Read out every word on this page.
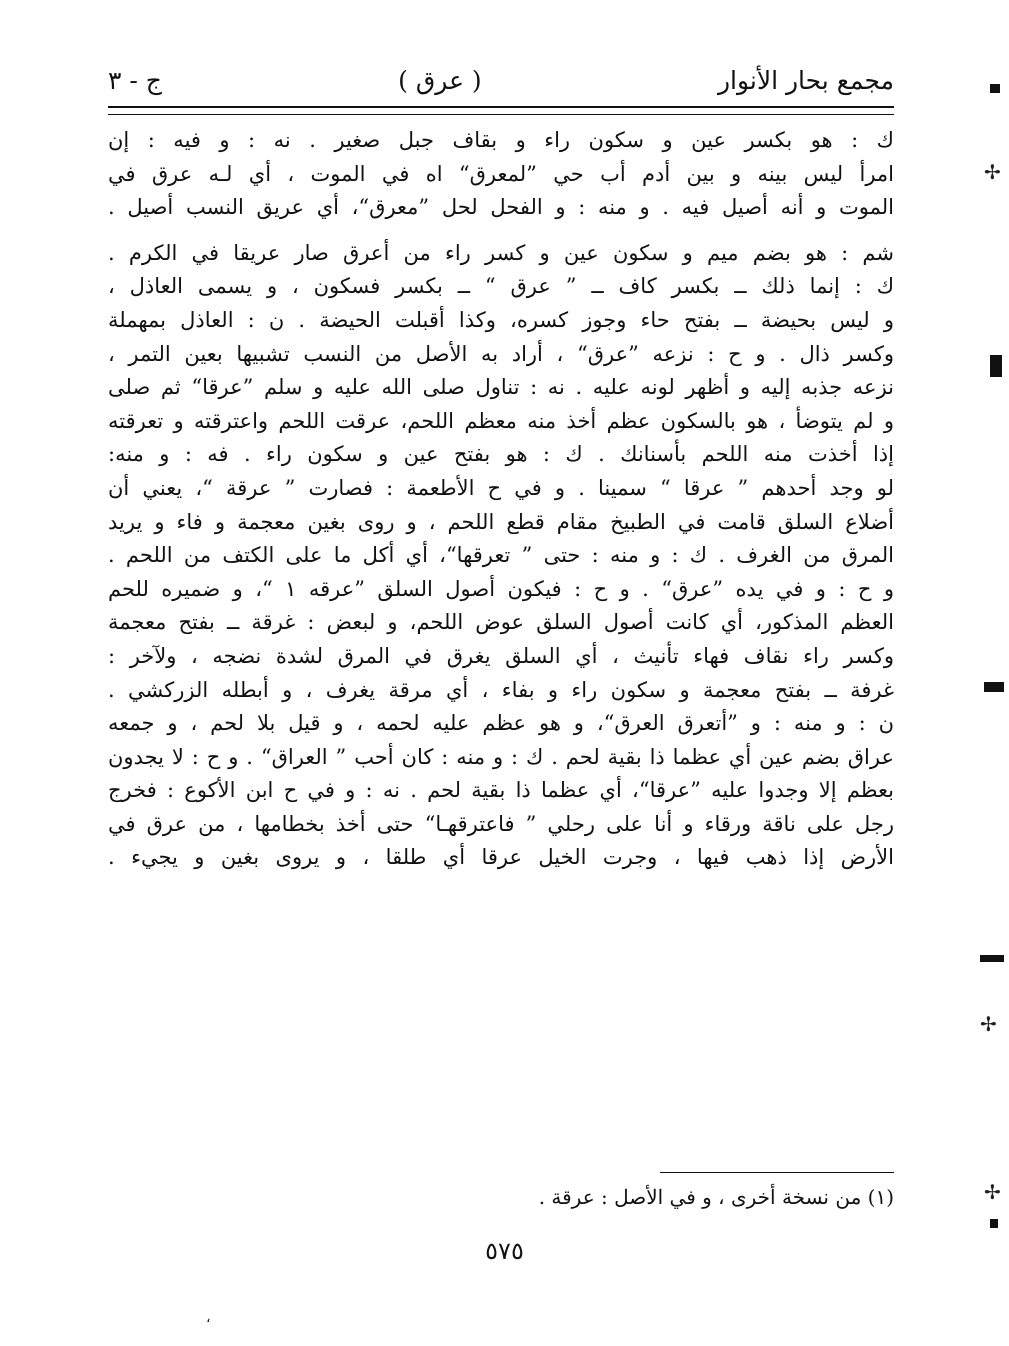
مجمع بحار الأنوار
( عرق )
ج - ٣
ك : هو بكسر عين و سكون راء و بقاف جبل صغير . نه : و فيه : إن
امرأ ليس بينه و بين أدم أب حي ”لمعرق“ اه في الموت ، أي لـه عرق في
الموت و أنه أصيل فيه . و منه : و الفحل لحل ”معرق“، أي عريق النسب أصيل .
شم : هو بضم ميم و سكون عين و كسر راء من أعرق صار عريقا في الكرم .
ك : إنما ذلك ــ بكسر كاف ــ ” عرق “ ــ بكسر فسكون ، و يسمى العاذل ،
و ليس بحيضة ــ بفتح حاء وجوز كسره، وكذا أقبلت الحيضة . ن : العاذل بمهملة
وكسر ذال . و ح : نزعه ”عرق“ ، أراد به الأصل من النسب تشبيها بعين التمر ،
نزعه جذبه إليه و أظهر لونه عليه . نه : تناول صلى الله عليه و سلم ”عرقا“ ثم صلى
و لم يتوضأ ، هو بالسكون عظم أخذ منه معظم اللحم، عرقت اللحم واعترقته و تعرقته
إذا أخذت منه اللحم بأسنانك . ك : هو بفتح عين و سكون راء . فه : و منه:
لو وجد أحدهم ” عرقا “ سمينا . و في ح الأطعمة : فصارت ” عرقة “، يعني أن
أضلاع السلق قامت في الطبيخ مقام قطع اللحم ، و روى بغين معجمة و فاء و يريد
المرق من الغرف . ك : و منه : حتى ” تعرقها“، أي أكل ما على الكتف من اللحم .
و ح : و في يده ”عرق“ . و ح : فيكون أصول السلق ”عرقه ١ “، و ضميره للحم
العظم المذكور، أي كانت أصول السلق عوض اللحم، و لبعض : غرقة ــ بفتح معجمة
وكسر راء نقاف فهاء تأنيث ، أي السلق يغرق في المرق لشدة نضجه ، ولآخر :
غرفة ــ بفتح معجمة و سكون راء و بفاء ، أي مرقة يغرف ، و أبطله الزركشي .
ن : و منه : و ”أتعرق العرق“، و هو عظم عليه لحمه ، و قيل بلا لحم ، و جمعه
عراق بضم عين أي عظما ذا بقية لحم . ك : و منه : كان أحب ” العراق“ . و ح : لا يجدون
بعظم إلا وجدوا عليه ”عرقا“، أي عظما ذا بقية لحم . نه : و في ح ابن الأكوع : فخرج
رجل على ناقة ورقاء و أنا على رحلي ” فاعترقهـا“ حتى أخذ بخطامها ، من عرق في
الأرض إذا ذهب فيها ، وجرت الخيل عرقا أي طلقا ، و يروى بغين و يجيء .

(١) من نسخة أخرى ، و في الأصل : عرقة .

٥٧٥
✢
✢
✢
،
